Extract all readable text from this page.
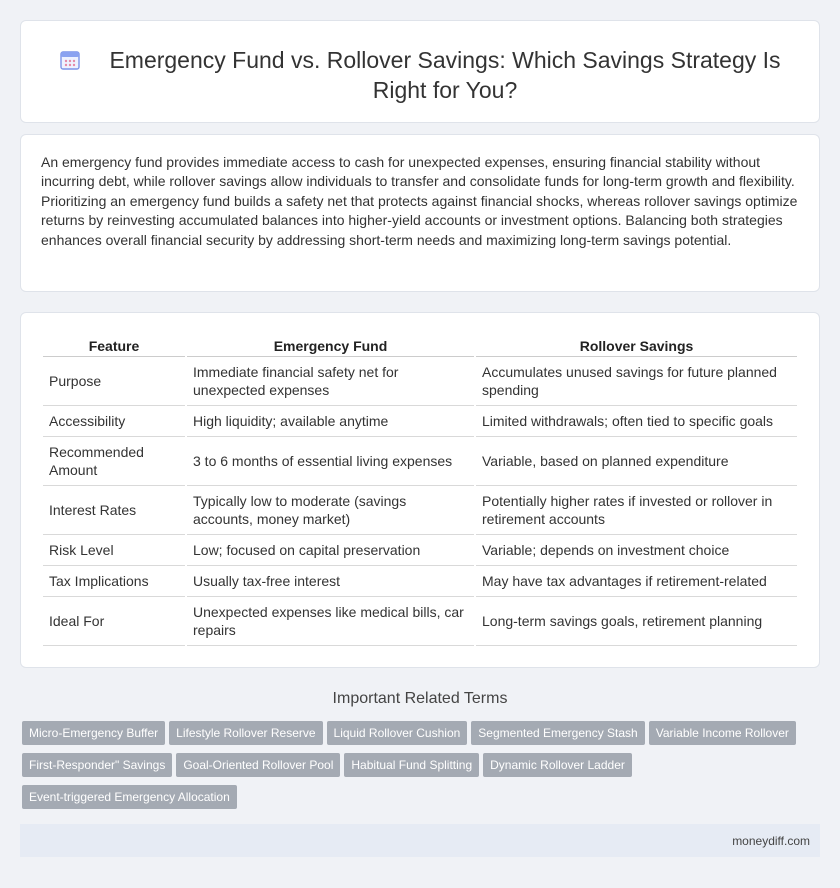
Emergency Fund vs. Rollover Savings: Which Savings Strategy Is Right for You?

An emergency fund provides immediate access to cash for unexpected expenses, ensuring financial stability without incurring debt, while rollover savings allow individuals to transfer and consolidate funds for long-term growth and flexibility. Prioritizing an emergency fund builds a safety net that protects against financial shocks, whereas rollover savings optimize returns by reinvesting accumulated balances into higher-yield accounts or investment options. Balancing both strategies enhances overall financial security by addressing short-term needs and maximizing long-term savings potential.

Feature	Emergency Fund	Rollover Savings
Purpose	Immediate financial safety net for unexpected expenses	Accumulates unused savings for future planned spending
Accessibility	High liquidity; available anytime	Limited withdrawals; often tied to specific goals
Recommended Amount	3 to 6 months of essential living expenses	Variable, based on planned expenditure
Interest Rates	Typically low to moderate (savings accounts, money market)	Potentially higher rates if invested or rollover in retirement accounts
Risk Level	Low; focused on capital preservation	Variable; depends on investment choice
Tax Implications	Usually tax-free interest	May have tax advantages if retirement-related
Ideal For	Unexpected expenses like medical bills, car repairs	Long-term savings goals, retirement planning
Important Related Terms
Micro-Emergency Buffer Lifestyle Rollover Reserve Liquid Rollover Cushion Segmented Emergency Stash Variable Income Rollover
First-Responder" Savings Goal-Oriented Rollover Pool Habitual Fund Splitting Dynamic Rollover Ladder
Event-triggered Emergency Allocation
moneydiff.com
